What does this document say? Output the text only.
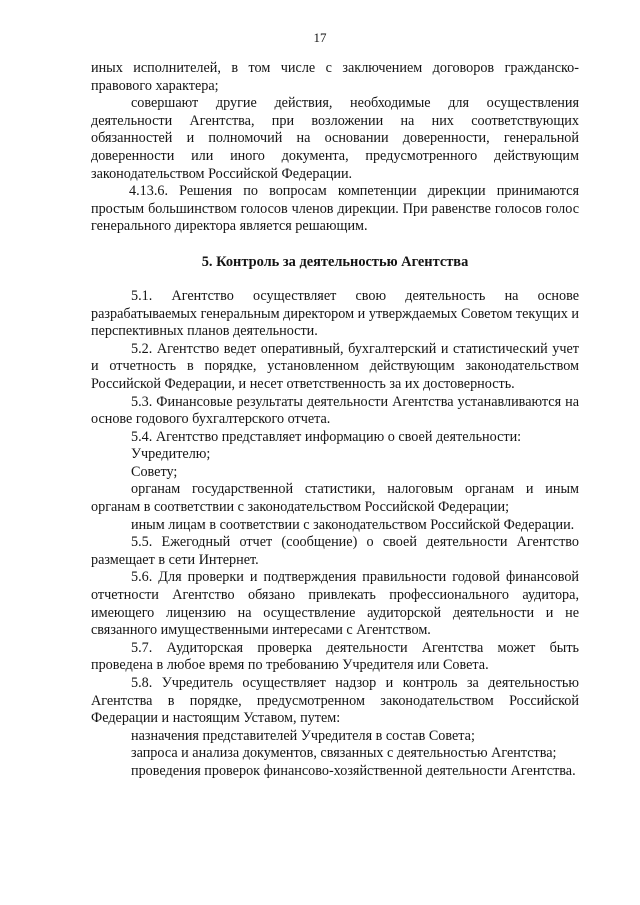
17

иных исполнителей, в том числе с заключением договоров гражданско-правового характера;

совершают другие действия, необходимые для осуществления деятельности Агентства, при возложении на них соответствующих обязанностей и полномочий на основании доверенности, генеральной доверенности или иного документа, предусмотренного действующим законодательством Российской Федерации.

4.13.6. Решения по вопросам компетенции дирекции принимаются простым большинством голосов членов дирекции. При равенстве голосов голос генерального директора является решающим.

5. Контроль за деятельностью Агентства

5.1. Агентство осуществляет свою деятельность на основе разрабатываемых генеральным директором и утверждаемых Советом текущих и перспективных планов деятельности.

5.2. Агентство ведет оперативный, бухгалтерский и статистический учет и отчетность в порядке, установленном действующим законодательством Российской Федерации, и несет ответственность за их достоверность.

5.3. Финансовые результаты деятельности Агентства устанавливаются на основе годового бухгалтерского отчета.

5.4. Агентство представляет информацию о своей деятельности:

Учредителю;

Совету;

органам государственной статистики, налоговым органам и иным органам в соответствии с законодательством Российской Федерации;

иным лицам в соответствии с законодательством Российской Федерации.

5.5. Ежегодный отчет (сообщение) о своей деятельности Агентство размещает в сети Интернет.

5.6. Для проверки и подтверждения правильности годовой финансовой отчетности Агентство обязано привлекать профессионального аудитора, имеющего лицензию на осуществление аудиторской деятельности и не связанного имущественными интересами с Агентством.

5.7. Аудиторская проверка деятельности Агентства может быть проведена в любое время по требованию Учредителя или Совета.

5.8. Учредитель осуществляет надзор и контроль за деятельностью Агентства в порядке, предусмотренном законодательством Российской Федерации и настоящим Уставом, путем:

назначения представителей Учредителя в состав Совета;

запроса и анализа документов, связанных с деятельностью Агентства;

проведения проверок финансово-хозяйственной деятельности Агентства.
